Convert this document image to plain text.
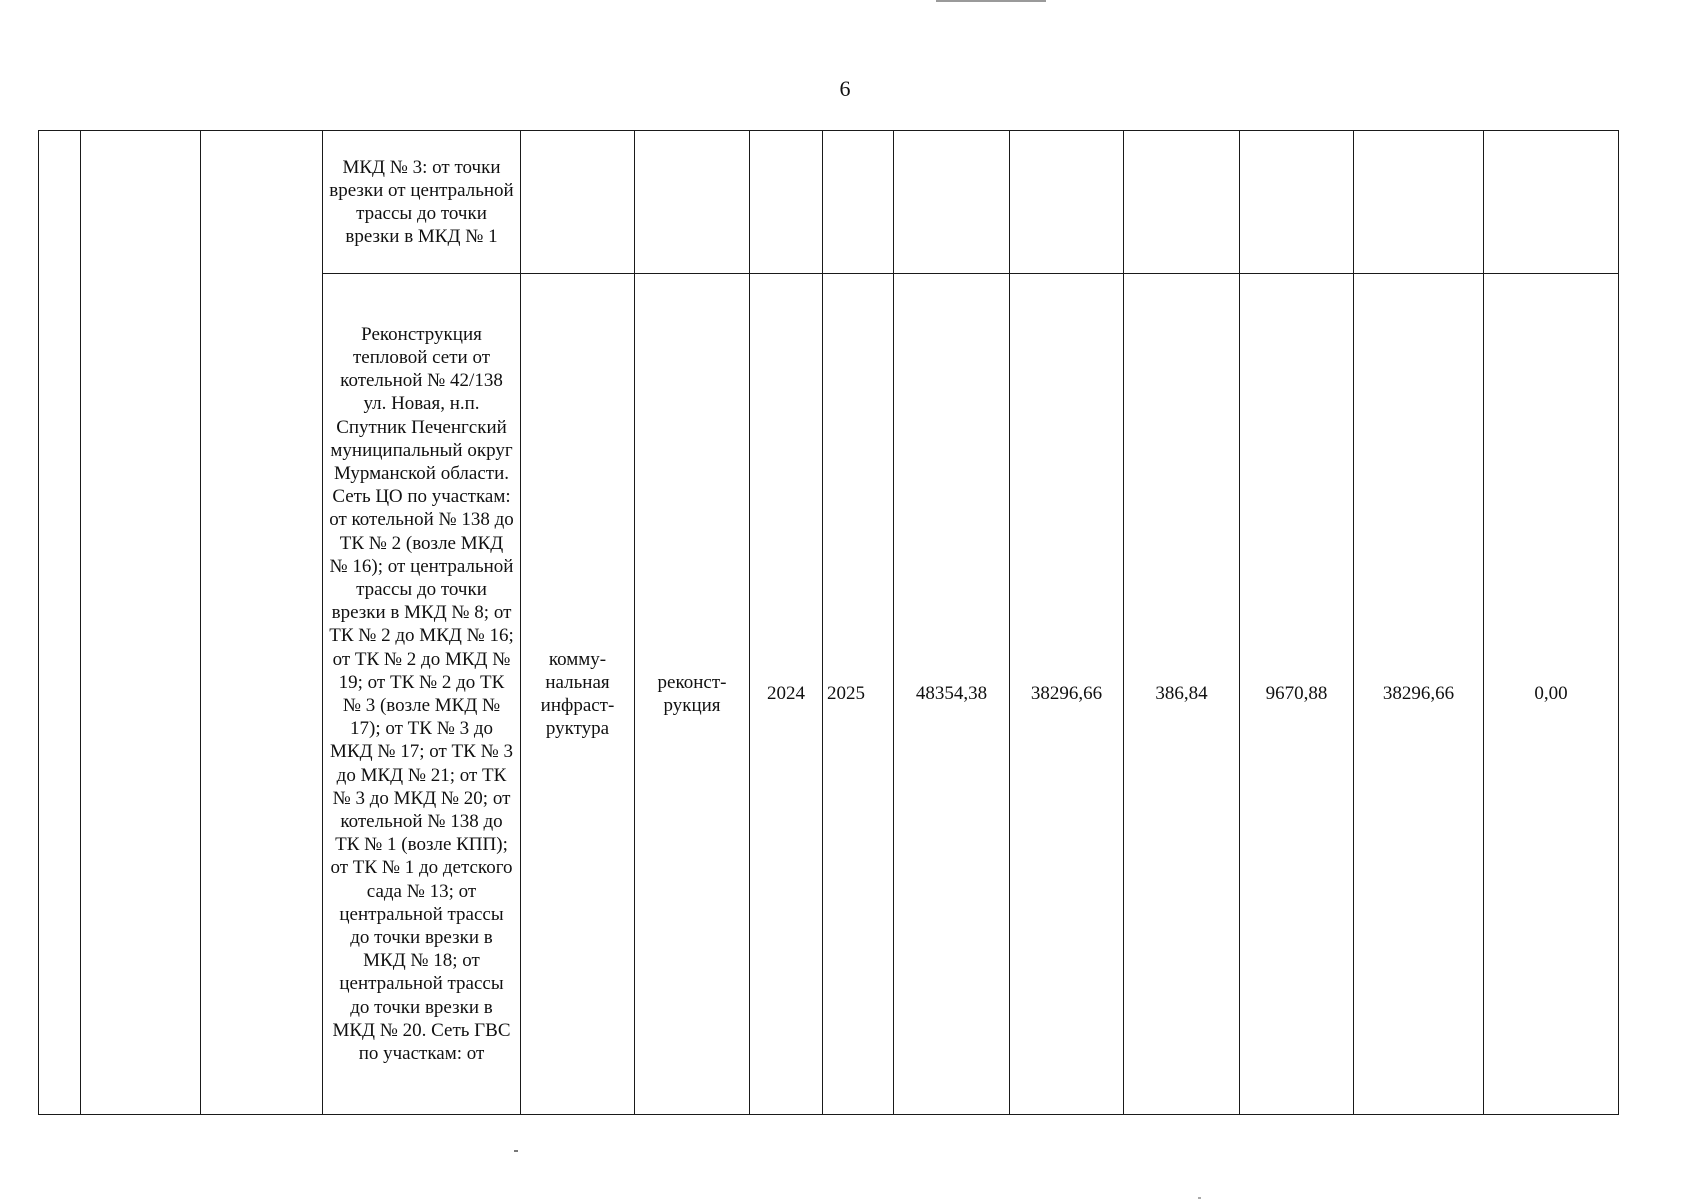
6
			МКД № 3: от точки врезки от центральной трассы до точки врезки в МКД № 1										
			Реконструкция тепловой сети от котельной № 42/138 ул. Новая, н.п. Спутник Печенгский муниципальный округ Мурманской области. Сеть ЦО по участкам: от котельной № 138 до ТК № 2 (возле МКД № 16); от центральной трассы до точки врезки в МКД № 8; от ТК № 2 до МКД № 16; от ТК № 2 до МКД № 19; от ТК № 2 до ТК № 3 (возле МКД № 17); от ТК № 3 до МКД № 17; от ТК № 3 до МКД № 21; от ТК № 3 до МКД № 20; от котельной № 138 до ТК № 1 (возле КПП); от ТК № 1 до детского сада № 13; от центральной трассы до точки врезки в МКД № 18; от центральной трассы до точки врезки в МКД № 20. Сеть ГВС по участкам: от	комму-нальная инфраст-руктура	реконст-рукция	2024	2025	48354,38	38296,66	386,84	9670,88	38296,66	0,00
